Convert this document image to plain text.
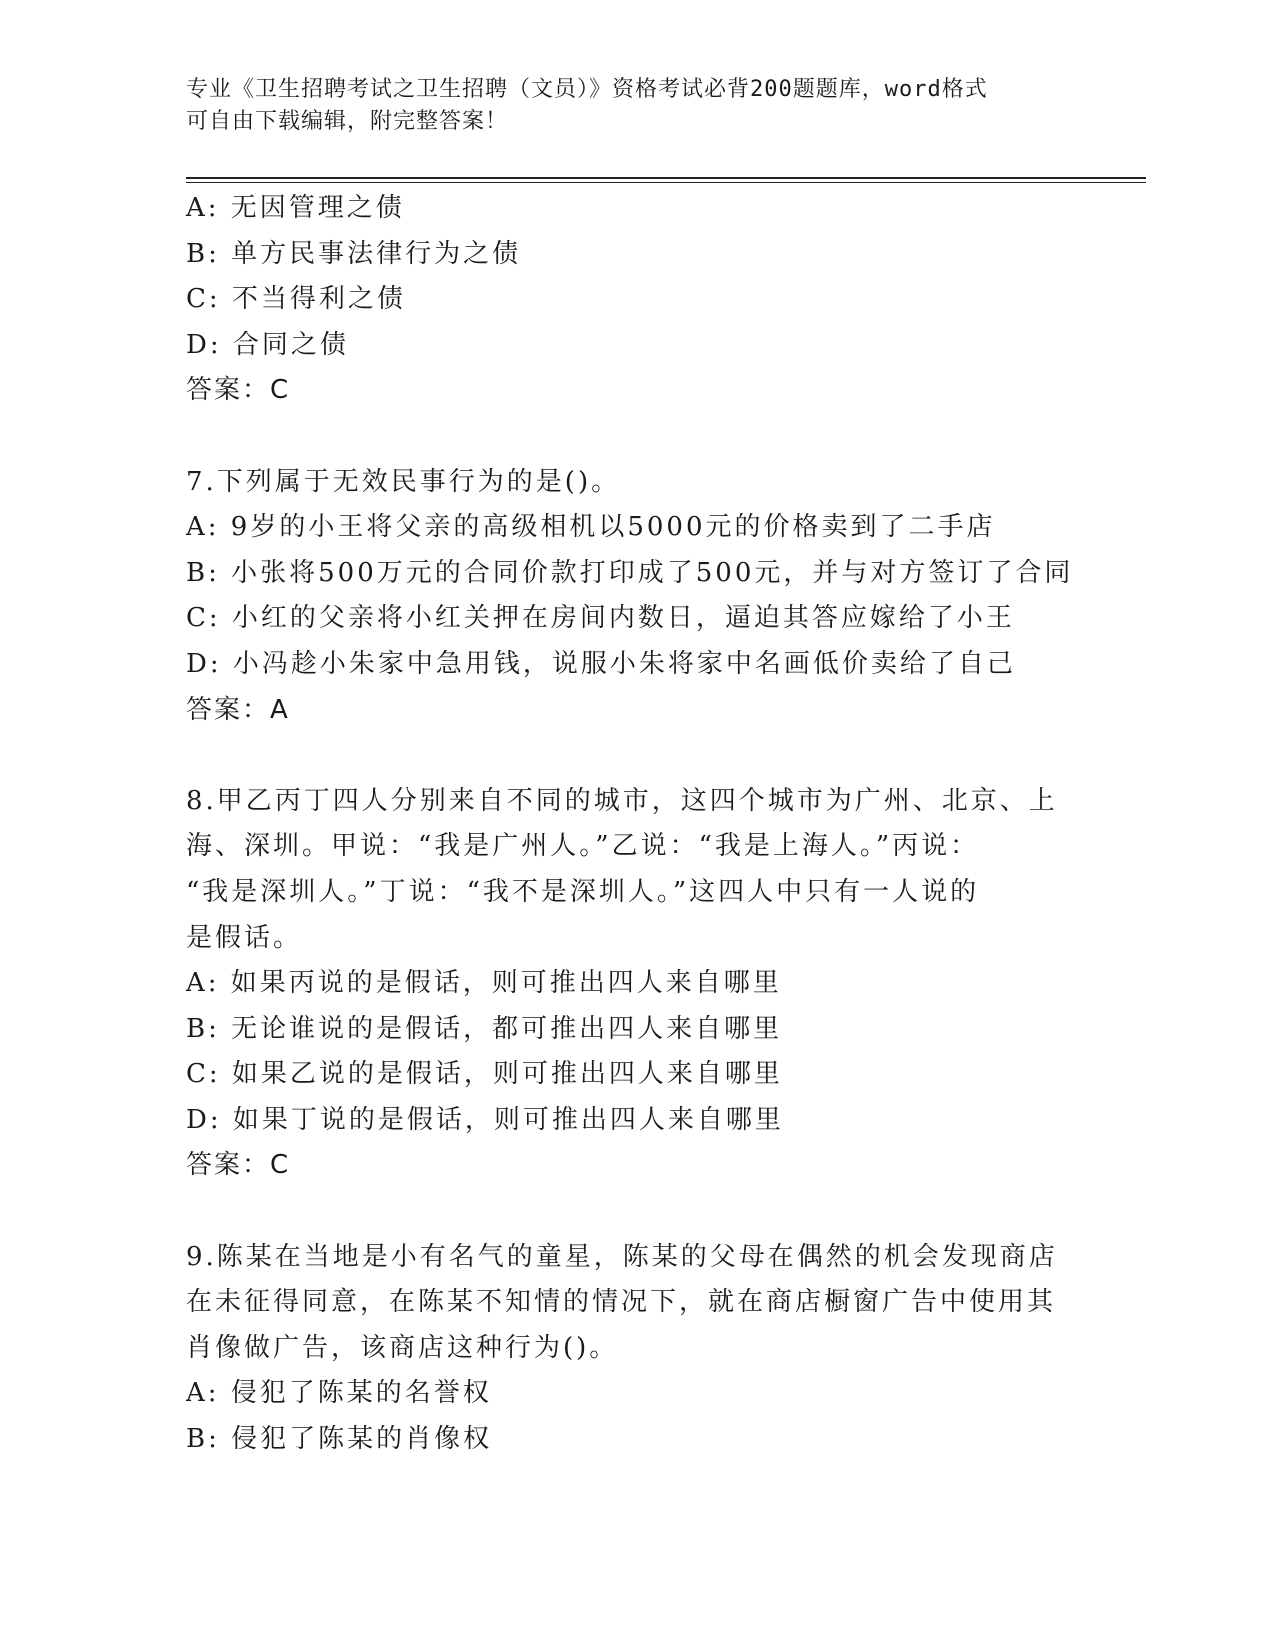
专业《卫生招聘考试之卫生招聘（文员）》资格考试必背200题题库，word格式
可自由下载编辑，附完整答案！

A: 无因管理之债

B: 单方民事法律行为之债

C: 不当得利之债

D: 合同之债

答案：C

7.下列属于无效民事行为的是()。

A: 9岁的小王将父亲的高级相机以5000元的价格卖到了二手店

B: 小张将500万元的合同价款打印成了500元，并与对方签订了合同

C: 小红的父亲将小红关押在房间内数日，逼迫其答应嫁给了小王

D: 小冯趁小朱家中急用钱，说服小朱将家中名画低价卖给了自己

答案：A

8.甲乙丙丁四人分别来自不同的城市，这四个城市为广州、北京、上

海、深圳。甲说：“我是广州人。”乙说：“我是上海人。”丙说：

“我是深圳人。”丁说：“我不是深圳人。”这四人中只有一人说的

是假话。

A: 如果丙说的是假话，则可推出四人来自哪里

B: 无论谁说的是假话，都可推出四人来自哪里

C: 如果乙说的是假话，则可推出四人来自哪里

D: 如果丁说的是假话，则可推出四人来自哪里

答案：C

9.陈某在当地是小有名气的童星，陈某的父母在偶然的机会发现商店

在未征得同意，在陈某不知情的情况下，就在商店橱窗广告中使用其

肖像做广告，该商店这种行为()。

A: 侵犯了陈某的名誉权

B: 侵犯了陈某的肖像权
